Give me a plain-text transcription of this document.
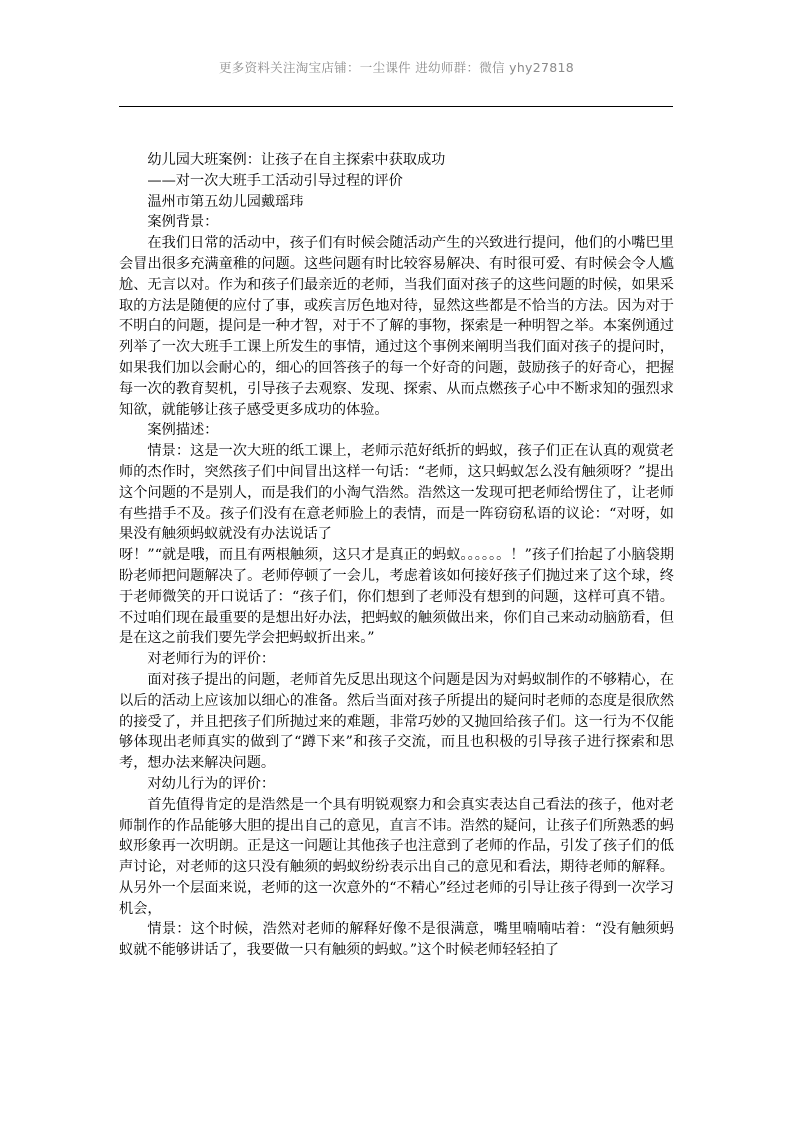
更多资料关注淘宝店铺：一尘课件 进幼师群：微信 yhy27818

幼儿园大班案例：让孩子在自主探索中获取成功

——对一次大班手工活动引导过程的评价

温州市第五幼儿园戴瑶玮

案例背景：

在我们日常的活动中，孩子们有时候会随活动产生的兴致进行提问，他们的小嘴巴里会冒出很多充满童稚的问题。这些问题有时比较容易解决、有时很可爱、有时候会令人尴尬、无言以对。作为和孩子们最亲近的老师，当我们面对孩子的这些问题的时候，如果采取的方法是随便的应付了事，或疾言厉色地对待，显然这些都是不恰当的方法。因为对于不明白的问题，提问是一种才智，对于不了解的事物，探索是一种明智之举。本案例通过列举了一次大班手工课上所发生的事情，通过这个事例来阐明当我们面对孩子的提问时，如果我们加以会耐心的，细心的回答孩子的每一个好奇的问题，鼓励孩子的好奇心，把握每一次的教育契机，引导孩子去观察、发现、探索、从而点燃孩子心中不断求知的强烈求知欲，就能够让孩子感受更多成功的体验。

案例描述：

情景：这是一次大班的纸工课上，老师示范好纸折的蚂蚁，孩子们正在认真的观赏老师的杰作时，突然孩子们中间冒出这样一句话：“老师，这只蚂蚁怎么没有触须呀？”提出这个问题的不是别人，而是我们的小淘气浩然。浩然这一发现可把老师给愣住了，让老师有些措手不及。孩子们没有在意老师脸上的表情，而是一阵窃窃私语的议论：“对呀，如果没有触须蚂蚁就没有办法说话了

呀！”“就是哦，而且有两根触须，这只才是真正的蚂蚁。。。。。。！”孩子们抬起了小脑袋期盼老师把问题解决了。老师停顿了一会儿，考虑着该如何接好孩子们抛过来了这个球，终于老师微笑的开口说话了：“孩子们，你们想到了老师没有想到的问题，这样可真不错。不过咱们现在最重要的是想出好办法，把蚂蚁的触须做出来，你们自己来动动脑筋看，但是在这之前我们要先学会把蚂蚁折出来。”

对老师行为的评价：

面对孩子提出的问题，老师首先反思出现这个问题是因为对蚂蚁制作的不够精心，在以后的活动上应该加以细心的准备。然后当面对孩子所提出的疑问时老师的态度是很欣然的接受了，并且把孩子们所抛过来的难题，非常巧妙的又抛回给孩子们。这一行为不仅能够体现出老师真实的做到了“蹲下来”和孩子交流，而且也积极的引导孩子进行探索和思考，想办法来解决问题。

对幼儿行为的评价：

首先值得肯定的是浩然是一个具有明锐观察力和会真实表达自己看法的孩子，他对老师制作的作品能够大胆的提出自己的意见，直言不讳。浩然的疑问，让孩子们所熟悉的蚂蚁形象再一次明朗。正是这一问题让其他孩子也注意到了老师的作品，引发了孩子们的低声讨论，对老师的这只没有触须的蚂蚁纷纷表示出自己的意见和看法，期待老师的解释。从另外一个层面来说，老师的这一次意外的“不精心”经过老师的引导让孩子得到一次学习机会，

情景：这个时候，浩然对老师的解释好像不是很满意，嘴里喃喃咕着：“没有触须蚂蚁就不能够讲话了，我要做一只有触须的蚂蚁。”这个时候老师轻轻拍了
